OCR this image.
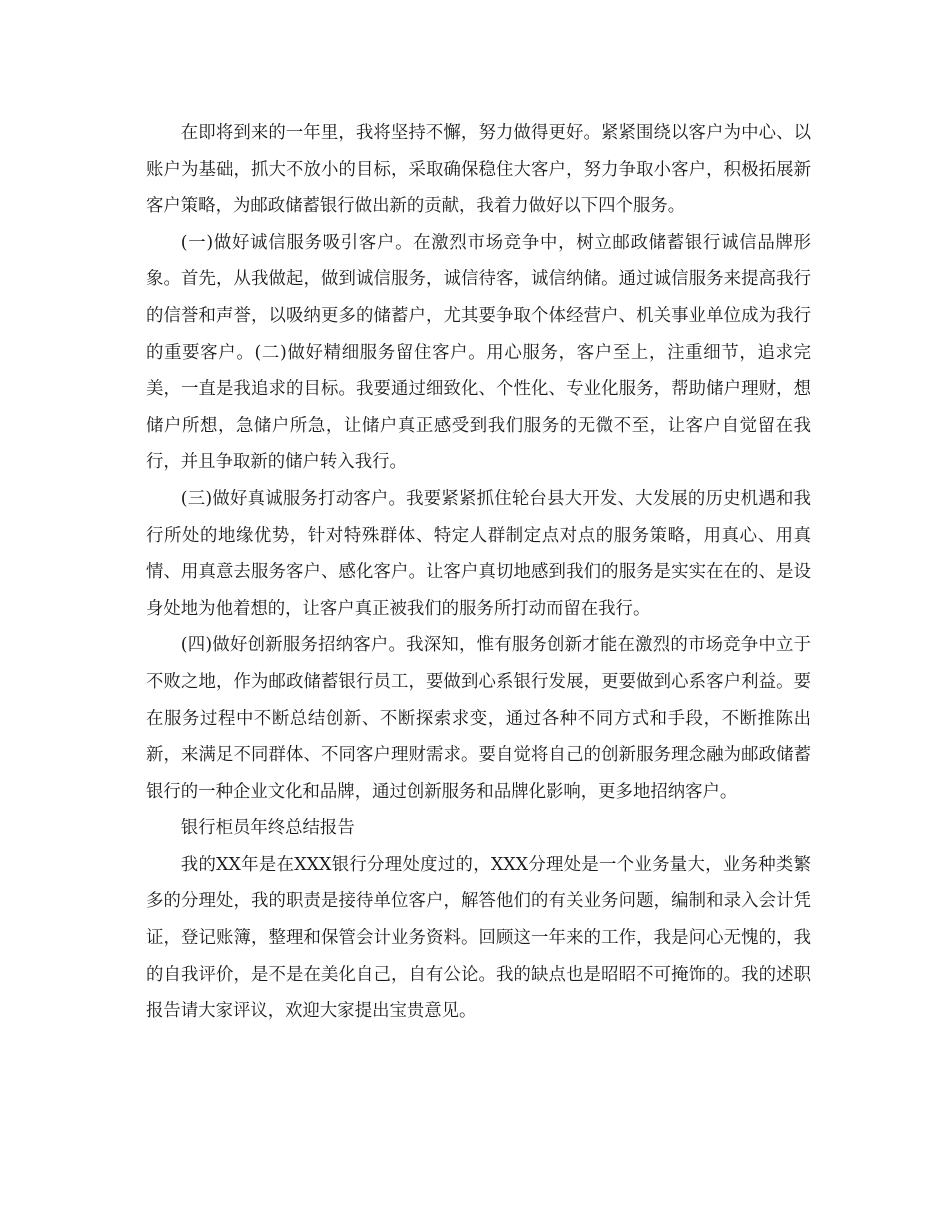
在即将到来的一年里，我将坚持不懈，努力做得更好。紧紧围绕以客户为中心、以账户为基础，抓大不放小的目标，采取确保稳住大客户，努力争取小客户，积极拓展新客户策略，为邮政储蓄银行做出新的贡献，我着力做好以下四个服务。

(一)做好诚信服务吸引客户。在激烈市场竞争中，树立邮政储蓄银行诚信品牌形象。首先，从我做起，做到诚信服务，诚信待客，诚信纳储。通过诚信服务来提高我行的信誉和声誉，以吸纳更多的储蓄户，尤其要争取个体经营户、机关事业单位成为我行的重要客户。(二)做好精细服务留住客户。用心服务，客户至上，注重细节，追求完美，一直是我追求的目标。我要通过细致化、个性化、专业化服务，帮助储户理财，想储户所想，急储户所急，让储户真正感受到我们服务的无微不至，让客户自觉留在我行，并且争取新的储户转入我行。

(三)做好真诚服务打动客户。我要紧紧抓住轮台县大开发、大发展的历史机遇和我行所处的地缘优势，针对特殊群体、特定人群制定点对点的服务策略，用真心、用真情、用真意去服务客户、感化客户。让客户真切地感到我们的服务是实实在在的、是设身处地为他着想的，让客户真正被我们的服务所打动而留在我行。

(四)做好创新服务招纳客户。我深知，惟有服务创新才能在激烈的市场竞争中立于不败之地，作为邮政储蓄银行员工，要做到心系银行发展，更要做到心系客户利益。要在服务过程中不断总结创新、不断探索求变，通过各种不同方式和手段，不断推陈出新，来满足不同群体、不同客户理财需求。要自觉将自己的创新服务理念融为邮政储蓄银行的一种企业文化和品牌，通过创新服务和品牌化影响，更多地招纳客户。

银行柜员年终总结报告

我的XX年是在XXX银行分理处度过的，XXX分理处是一个业务量大，业务种类繁多的分理处，我的职责是接待单位客户，解答他们的有关业务问题，编制和录入会计凭证，登记账簿，整理和保管会计业务资料。回顾这一年来的工作，我是问心无愧的，我的自我评价，是不是在美化自己，自有公论。我的缺点也是昭昭不可掩饰的。我的述职报告请大家评议，欢迎大家提出宝贵意见。
